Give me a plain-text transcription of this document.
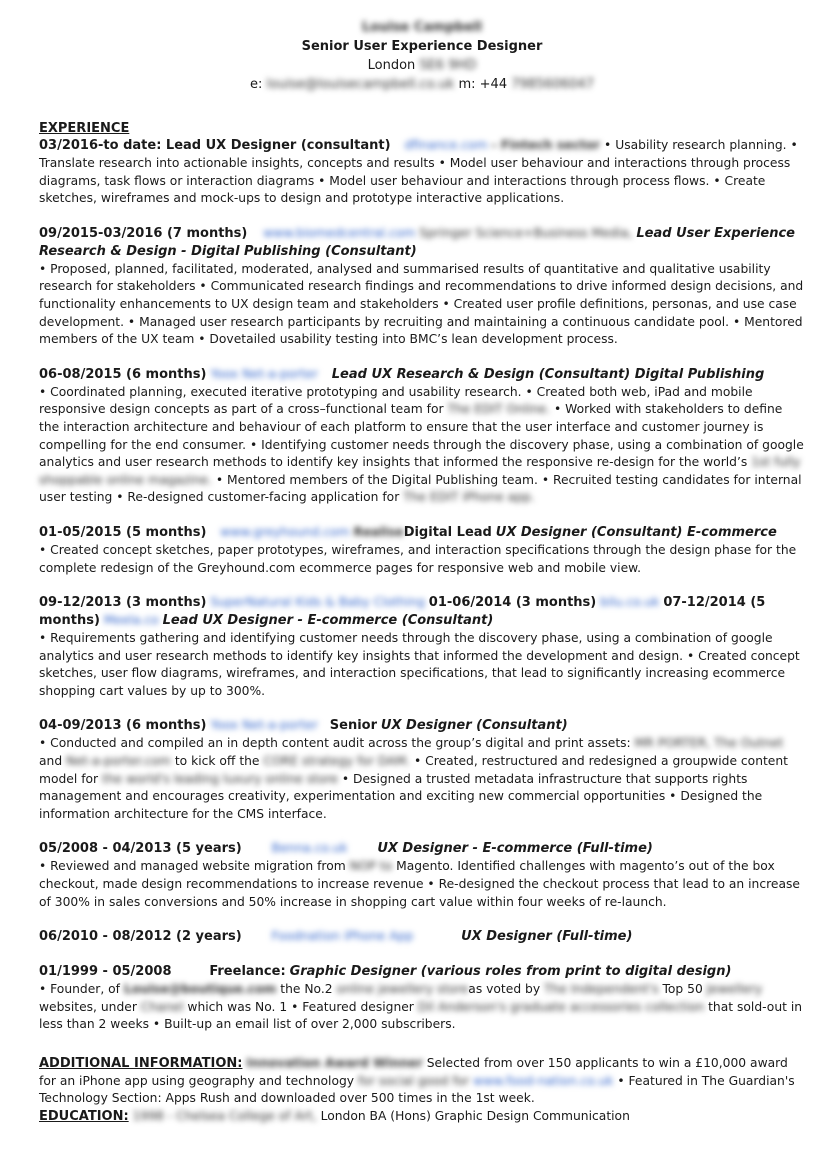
Louise Campbell
Senior User Experience Designer
London SE6 9HD
e: louise@louisecampbell.co.uk m: +44 7985606047
EXPERIENCE
03/2016-to date: Lead UX Designer (consultant) dfinance.com - Fintech sector • Usability research planning. • Translate research into actionable insights, concepts and results • Model user behaviour and interactions through process diagrams, task flows or interaction diagrams • Model user behaviour and interactions through process flows. • Create sketches, wireframes and mock-ups to design and prototype interactive applications.
09/2015-03/2016 (7 months) www.biomedcentral.com Springer Science+Business Media, Lead User Experience Research & Design - Digital Publishing (Consultant)
• Proposed, planned, facilitated, moderated, analysed and summarised results of quantitative and qualitative usability research for stakeholders • Communicated research findings and recommendations to drive informed design decisions, and functionality enhancements to UX design team and stakeholders • Created user profile definitions, personas, and use case development. • Managed user research participants by recruiting and maintaining a continuous candidate pool. • Mentored members of the UX team • Dovetailed usability testing into BMC’s lean development process.
06-08/2015 (6 months) Yoox Net-a-porter Lead UX Research & Design (Consultant) Digital Publishing
• Coordinated planning, executed iterative prototyping and usability research. • Created both web, iPad and mobile responsive design concepts as part of a cross–functional team for The EDIT Online. • Worked with stakeholders to define the interaction architecture and behaviour of each platform to ensure that the user interface and customer journey is compelling for the end consumer. • Identifying customer needs through the discovery phase, using a combination of google analytics and user research methods to identify key insights that informed the responsive re-design for the world’s 1st fully shoppable online magazine. • Mentored members of the Digital Publishing team. • Recruited testing candidates for internal user testing • Re-designed customer-facing application for The EDIT iPhone app.
01-05/2015 (5 months) www.greyhound.com RealiseDigital Lead UX Designer (Consultant) E-commerce
• Created concept sketches, paper prototypes, wireframes, and interaction specifications through the design phase for the complete redesign of the Greyhound.com ecommerce pages for responsive web and mobile view.
09-12/2013 (3 months) SuperNatural Kids & Baby Clothing 01-06/2014 (3 months) bilu.co.uk 07-12/2014 (5 months) Meela.co Lead UX Designer - E-commerce (Consultant)
• Requirements gathering and identifying customer needs through the discovery phase, using a combination of google analytics and user research methods to identify key insights that informed the development and design. • Created concept sketches, user flow diagrams, wireframes, and interaction specifications, that lead to significantly increasing ecommerce shopping cart values by up to 300%.
04-09/2013 (6 months) Yoox Net-a-porter Senior UX Designer (Consultant)
• Conducted and compiled an in depth content audit across the group’s digital and print assets: MR PORTER, The Outnet and Net-a-porter.com to kick off the CORE strategy for DAM. • Created, restructured and redesigned a groupwide content model for the world's leading luxury online store • Designed a trusted metadata infrastructure that supports rights management and encourages creativity, experimentation and exciting new commercial opportunities • Designed the information architecture for the CMS interface.
05/2008 - 04/2013 (5 years) Benna.co.uk UX Designer - E-commerce (Full-time)
• Reviewed and managed website migration from NOP to Magento. Identified challenges with magento’s out of the box checkout, made design recommendations to increase revenue • Re-designed the checkout process that lead to an increase of 300% in sales conversions and 50% increase in shopping cart value within four weeks of re-launch.
06/2010 - 08/2012 (2 years) Foodnation iPhone App	UX Designer (Full-time)
01/1999 - 05/2008	Freelance: Graphic Designer (various roles from print to digital design)
• Founder, of Louise@boutique.com the No.2 online jewellery storeas voted by The Independent's Top 50 Jewellery websites, under Chanel which was No. 1 • Featured designer Dil Anderson's graduate accessories collection that sold-out in less than 2 weeks • Built-up an email list of over 2,000 subscribers.
ADDITIONAL INFORMATION: Innovation Award Winner Selected from over 150 applicants to win a £10,000 award for an iPhone app using geography and technology for social good for www.food-nation.co.uk • Featured in The Guardian's Technology Section: Apps Rush and downloaded over 500 times in the 1st week.
EDUCATION: 1998 - Chelsea College of Art, London BA (Hons) Graphic Design Communication
